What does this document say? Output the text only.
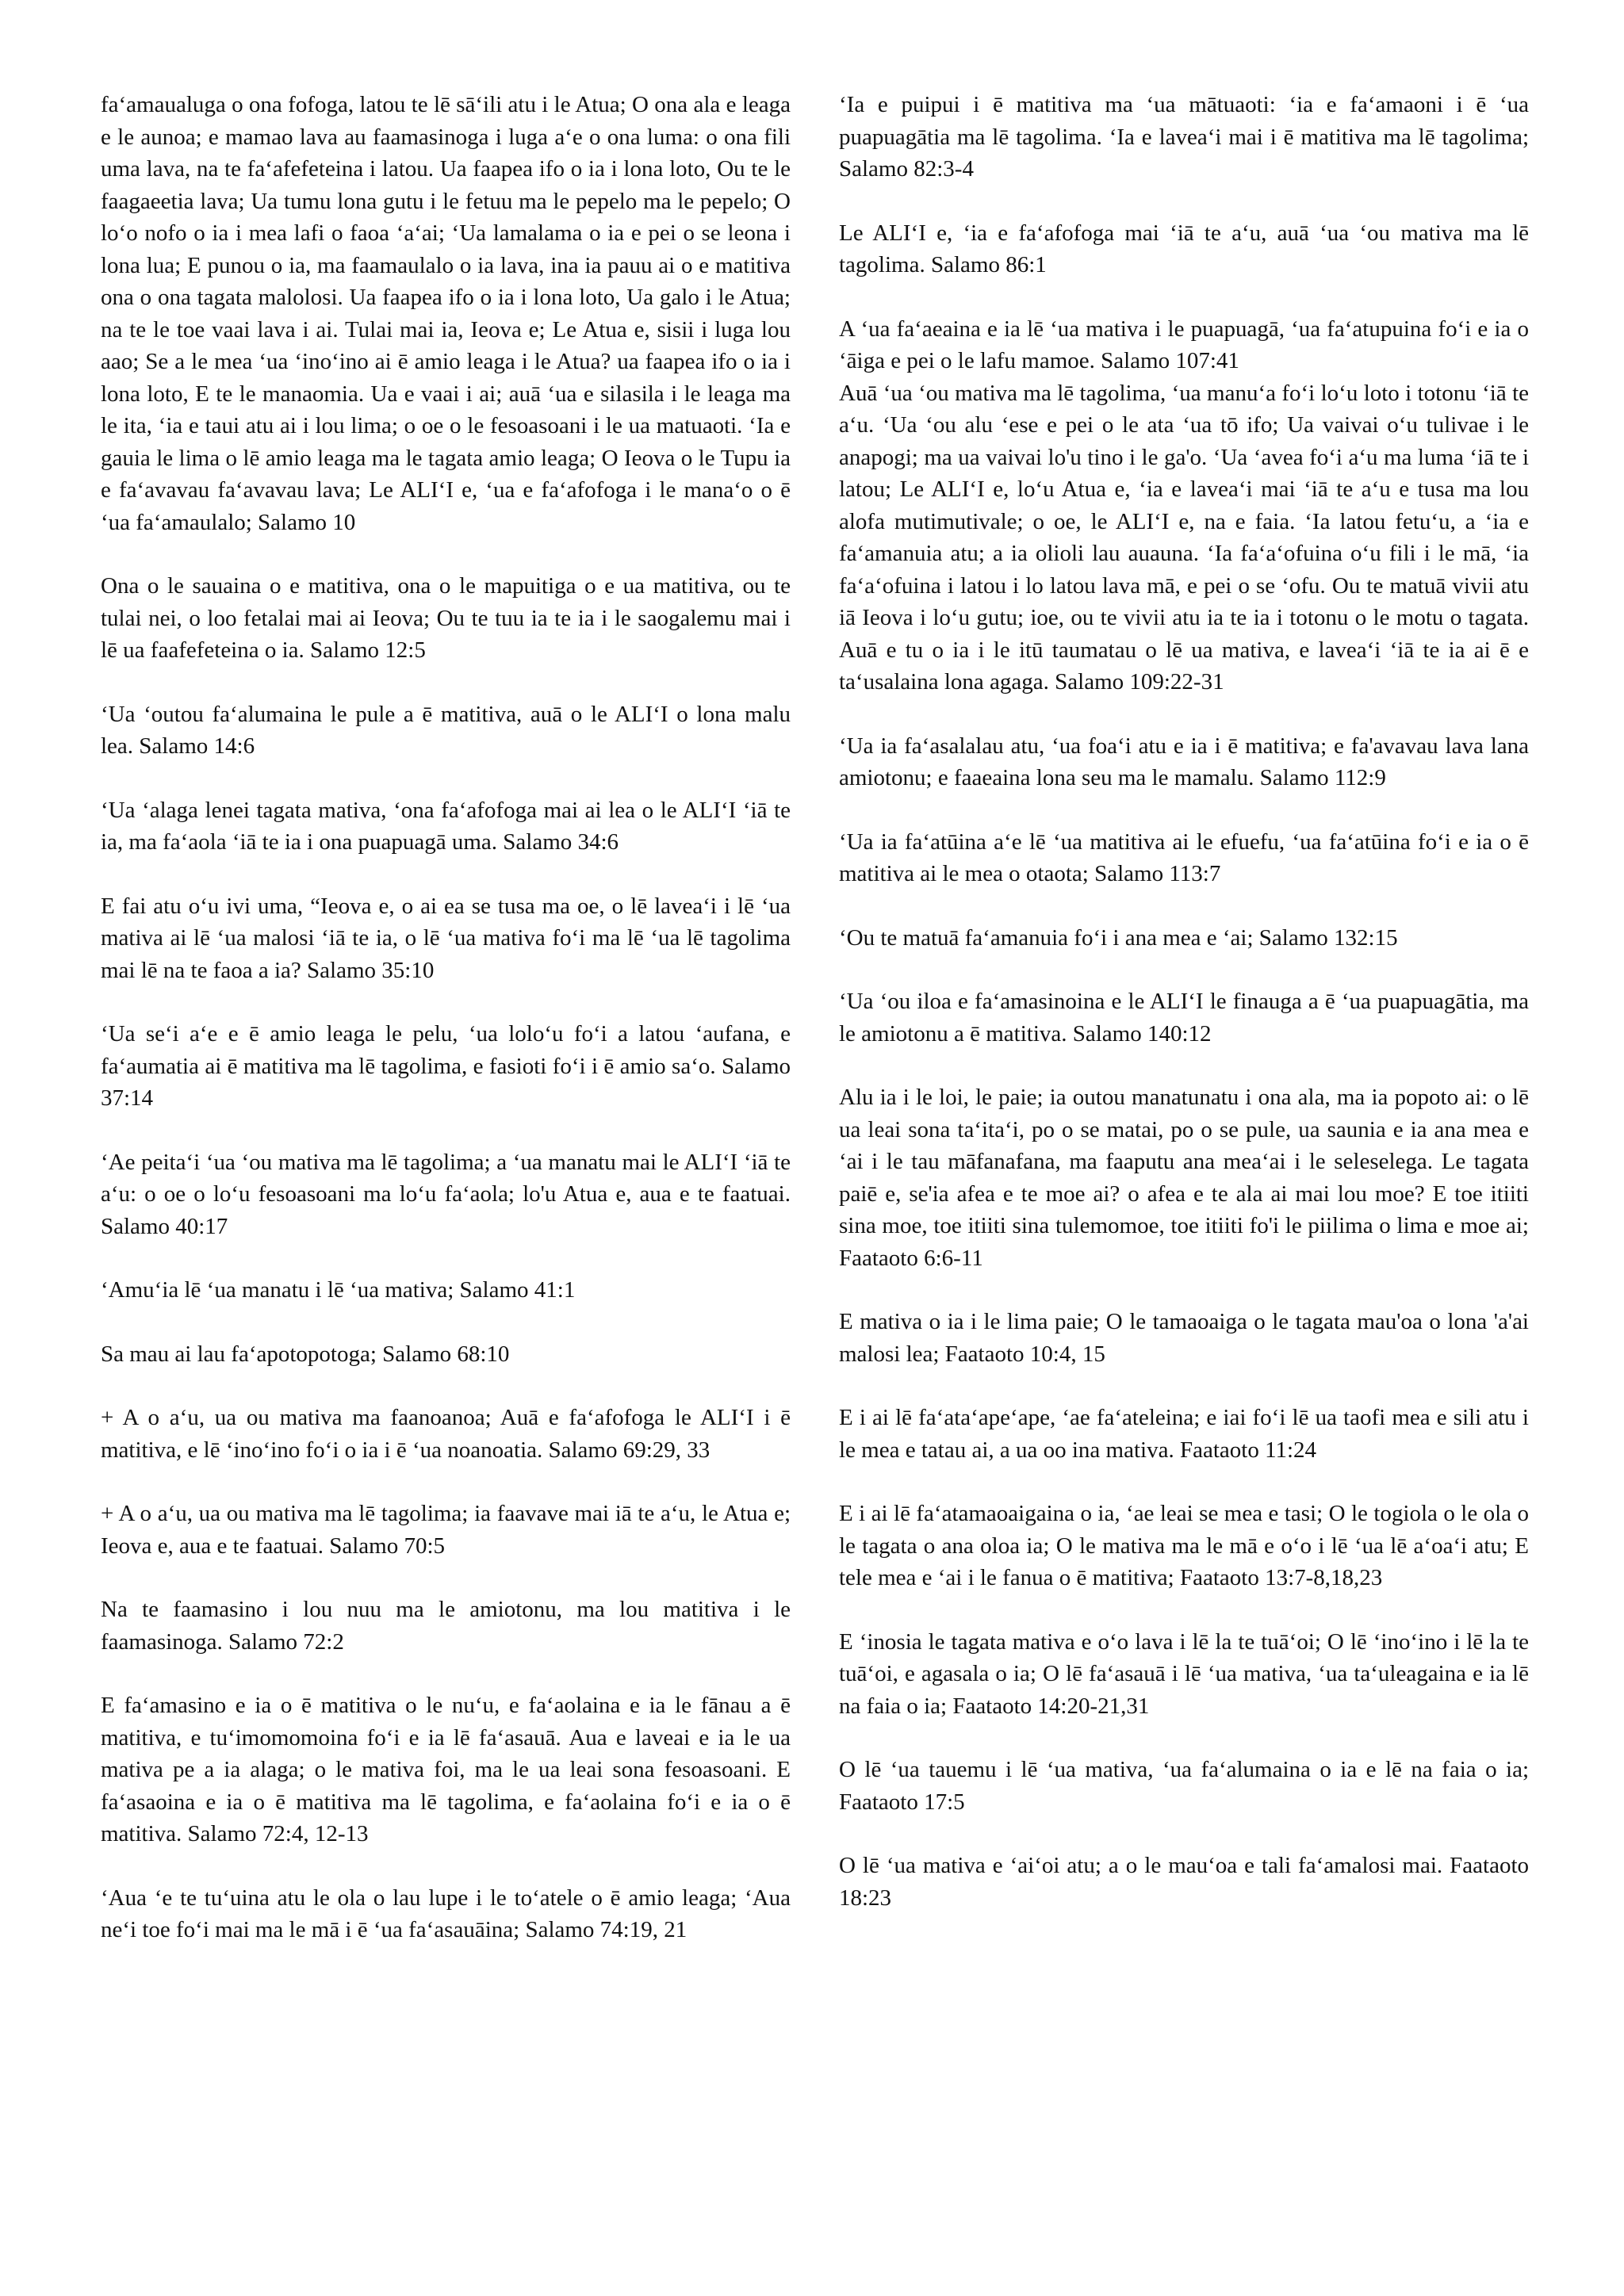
faʻamaualuga o ona fofoga, latou te lē sāʻili atu i le Atua; O ona ala e leaga e le aunoa; e mamao lava au faamasinoga i luga aʻe o ona luma: o ona fili uma lava, na te faʻafefeteina i latou. Ua faapea ifo o ia i lona loto, Ou te le faagaeetia lava; Ua tumu lona gutu i le fetuu ma le pepelo ma le pepelo; O loʻo nofo o ia i mea lafi o faoa ʻaʻai; ʻUa lamalama o ia e pei o se leona i lona lua; E punou o ia, ma faamaulalo o ia lava, ina ia pauu ai o e matitiva ona o ona tagata malolosi. Ua faapea ifo o ia i lona loto, Ua galo i le Atua; na te le toe vaai lava i ai. Tulai mai ia, Ieova e; Le Atua e, sisii i luga lou aao; Se a le mea ʻua ʻinoʻino ai ē amio leaga i le Atua? ua faapea ifo o ia i lona loto, E te le manaomia. Ua e vaai i ai; auā ʻua e silasila i le leaga ma le ita, ʻia e taui atu ai i lou lima; o oe o le fesoasoani i le ua matuaoti. ʻIa e gauia le lima o lē amio leaga ma le tagata amio leaga; O Ieova o le Tupu ia e faʻavavau faʻavavau lava; Le ALIʻI e, ʻua e faʻafofoga i le manaʻo o ē ʻua faʻamaulalo; Salamo 10

Ona o le sauaina o e matitiva, ona o le mapuitiga o e ua matitiva, ou te tulai nei, o loo fetalai mai ai Ieova; Ou te tuu ia te ia i le saogalemu mai i lē ua faafefeteina o ia. Salamo 12:5

ʻUa ʻoutou faʻalumaina le pule a ē matitiva, auā o le ALIʻI o lona malu lea. Salamo 14:6

ʻUa ʻalaga lenei tagata mativa, ʻona faʻafofoga mai ai lea o le ALIʻI ʻiā te ia, ma faʻaola ʻiā te ia i ona puapuagā uma. Salamo 34:6

E fai atu oʻu ivi uma, “Ieova e, o ai ea se tusa ma oe, o lē laveaʻi i lē ʻua mativa ai lē ʻua malosi ʻiā te ia, o lē ʻua mativa foʻi ma lē ʻua lē tagolima mai lē na te faoa a ia? Salamo 35:10

ʻUa seʻi aʻe e ē amio leaga le pelu, ʻua loloʻu foʻi a latou ʻaufana, e faʻaumatia ai ē matitiva ma lē tagolima, e fasioti foʻi i ē amio saʻo. Salamo 37:14

ʻAe peitaʻi ʻua ʻou mativa ma lē tagolima; a ʻua manatu mai le ALIʻI ʻiā te aʻu: o oe o loʻu fesoasoani ma loʻu faʻaola; lo'u Atua e, aua e te faatuai. Salamo 40:17

ʻAmuʻia lē ʻua manatu i lē ʻua mativa; Salamo 41:1

Sa mau ai lau faʻapotopotoga; Salamo 68:10

+ A o aʻu, ua ou mativa ma faanoanoa; Auā e faʻafofoga le ALIʻI i ē matitiva, e lē ʻinoʻino foʻi o ia i ē ʻua noanoatia. Salamo 69:29, 33

+ A o aʻu, ua ou mativa ma lē tagolima; ia faavave mai iā te aʻu, le Atua e; Ieova e, aua e te faatuai. Salamo 70:5

Na te faamasino i lou nuu ma le amiotonu, ma lou matitiva i le faamasinoga. Salamo 72:2

E faʻamasino e ia o ē matitiva o le nuʻu, e faʻaolaina e ia le fānau a ē matitiva, e tuʻimomomoina foʻi e ia lē faʻasauā. Aua e laveai e ia le ua mativa pe a ia alaga; o le mativa foi, ma le ua leai sona fesoasoani. E faʻasaoina e ia o ē matitiva ma lē tagolima, e faʻaolaina foʻi e ia o ē matitiva. Salamo 72:4, 12-13

ʻAua ʻe te tuʻuina atu le ola o lau lupe i le toʻatele o ē amio leaga; ʻAua neʻi toe foʻi mai ma le mā i ē ʻua faʻasauāina; Salamo 74:19, 21

ʻIa e puipui i ē matitiva ma ʻua mātuaoti: ʻia e faʻamaoni i ē ʻua puapuagātia ma lē tagolima. ʻIa e laveaʻi mai i ē matitiva ma lē tagolima; Salamo 82:3-4

Le ALIʻI e, ʻia e faʻafofoga mai ʻiā te aʻu, auā ʻua ʻou mativa ma lē tagolima. Salamo 86:1

A ʻua faʻaeaina e ia lē ʻua mativa i le puapuagā, ʻua faʻatupuina foʻi e ia o ʻāiga e pei o le lafu mamoe. Salamo 107:41
Auā ʻua ʻou mativa ma lē tagolima, ʻua manuʻa foʻi loʻu loto i totonu ʻiā te aʻu. ʻUa ʻou alu ʻese e pei o le ata ʻua tō ifo; Ua vaivai oʻu tulivae i le anapogi; ma ua vaivai lo'u tino i le ga'o. ʻUa ʻavea foʻi aʻu ma luma ʻiā te i latou; Le ALIʻI e, loʻu Atua e, ʻia e laveaʻi mai ʻiā te aʻu e tusa ma lou alofa mutimutivale; o oe, le ALIʻI e, na e faia. ʻIa latou fetuʻu, a ʻia e faʻamanuia atu; a ia olioli lau auauna. ʻIa faʻaʻofuina oʻu fili i le mā, ʻia faʻaʻofuina i latou i lo latou lava mā, e pei o se ʻofu. Ou te matuā vivii atu iā Ieova i loʻu gutu; ioe, ou te vivii atu ia te ia i totonu o le motu o tagata. Auā e tu o ia i le itū taumatau o lē ua mativa, e laveaʻi ʻiā te ia ai ē e taʻusalaina lona agaga. Salamo 109:22-31

ʻUa ia faʻasalalau atu, ʻua foaʻi atu e ia i ē matitiva; e fa'avavau lava lana amiotonu; e faaeaina lona seu ma le mamalu. Salamo 112:9

ʻUa ia faʻatūina aʻe lē ʻua matitiva ai le efuefu, ʻua faʻatūina foʻi e ia o ē matitiva ai le mea o otaota; Salamo 113:7

ʻOu te matuā faʻamanuia foʻi i ana mea e ʻai; Salamo 132:15

ʻUa ʻou iloa e faʻamasinoina e le ALIʻI le finauga a ē ʻua puapuagātia, ma le amiotonu a ē matitiva. Salamo 140:12

Alu ia i le loi, le paie; ia outou manatunatu i ona ala, ma ia popoto ai: o lē ua leai sona taʻitaʻi, po o se matai, po o se pule, ua saunia e ia ana mea e ʻai i le tau māfanafana, ma faaputu ana meaʻai i le seleselega. Le tagata paiē e, se'ia afea e te moe ai? o afea e te ala ai mai lou moe? E toe itiiti sina moe, toe itiiti sina tulemomoe, toe itiiti fo'i le piilima o lima e moe ai; Faataoto 6:6-11

E mativa o ia i le lima paie; O le tamaoaiga o le tagata mau'oa o lona 'a'ai malosi lea; Faataoto 10:4, 15

E i ai lē faʻataʻapeʻape, ʻae faʻateleina; e iai foʻi lē ua taofi mea e sili atu i le mea e tatau ai, a ua oo ina mativa. Faataoto 11:24

E i ai lē faʻatamaoaigaina o ia, ʻae leai se mea e tasi; O le togiola o le ola o le tagata o ana oloa ia; O le mativa ma le mā e oʻo i lē ʻua lē aʻoaʻi atu; E tele mea e ʻai i le fanua o ē matitiva; Faataoto 13:7-8,18,23

E ʻinosia le tagata mativa e oʻo lava i lē la te tuāʻoi; O lē ʻinoʻino i lē la te tuāʻoi, e agasala o ia; O lē faʻasauā i lē ʻua mativa, ʻua taʻuleagaina e ia lē na faia o ia; Faataoto 14:20-21,31

O lē ʻua tauemu i lē ʻua mativa, ʻua faʻalumaina o ia e lē na faia o ia; Faataoto 17:5

O lē ʻua mativa e ʻaiʻoi atu; a o le mauʻoa e tali faʻamalosi mai. Faataoto 18:23
